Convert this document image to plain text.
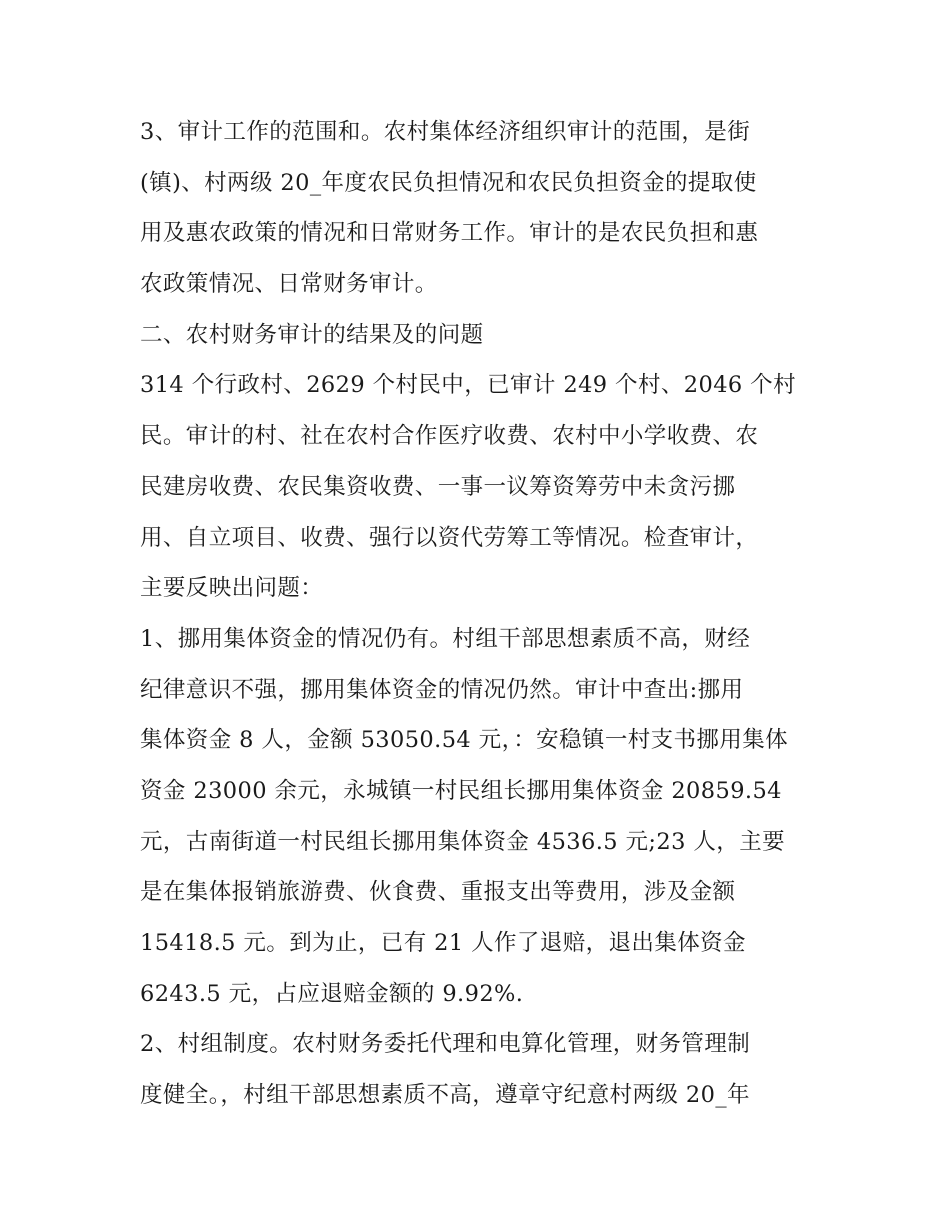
3、审计工作的范围和。农村集体经济组织审计的范围，是街
(镇)、村两级 20_年度农民负担情况和农民负担资金的提取使
用及惠农政策的情况和日常财务工作。审计的是农民负担和惠
农政策情况、日常财务审计。
二、农村财务审计的结果及的问题
314 个行政村、2629 个村民中，已审计 249 个村、2046 个村
民。审计的村、社在农村合作医疗收费、农村中小学收费、农
民建房收费、农民集资收费、一事一议筹资筹劳中未贪污挪
用、自立项目、收费、强行以资代劳筹工等情况。检查审计，
主要反映出问题：
1、挪用集体资金的情况仍有。村组干部思想素质不高，财经
纪律意识不强，挪用集体资金的情况仍然。审计中查出:挪用
集体资金 8 人，金额 53050.54 元，：安稳镇一村支书挪用集体
资金 23000 余元，永城镇一村民组长挪用集体资金 20859.54
元，古南街道一村民组长挪用集体资金 4536.5 元;23 人，主要
是在集体报销旅游费、伙食费、重报支出等费用，涉及金额
15418.5 元。到为止，已有 21 人作了退赔，退出集体资金
6243.5 元，占应退赔金额的 9.92%.
2、村组制度。农村财务委托代理和电算化管理，财务管理制
度健全。，村组干部思想素质不高，遵章守纪意村两级 20_年
